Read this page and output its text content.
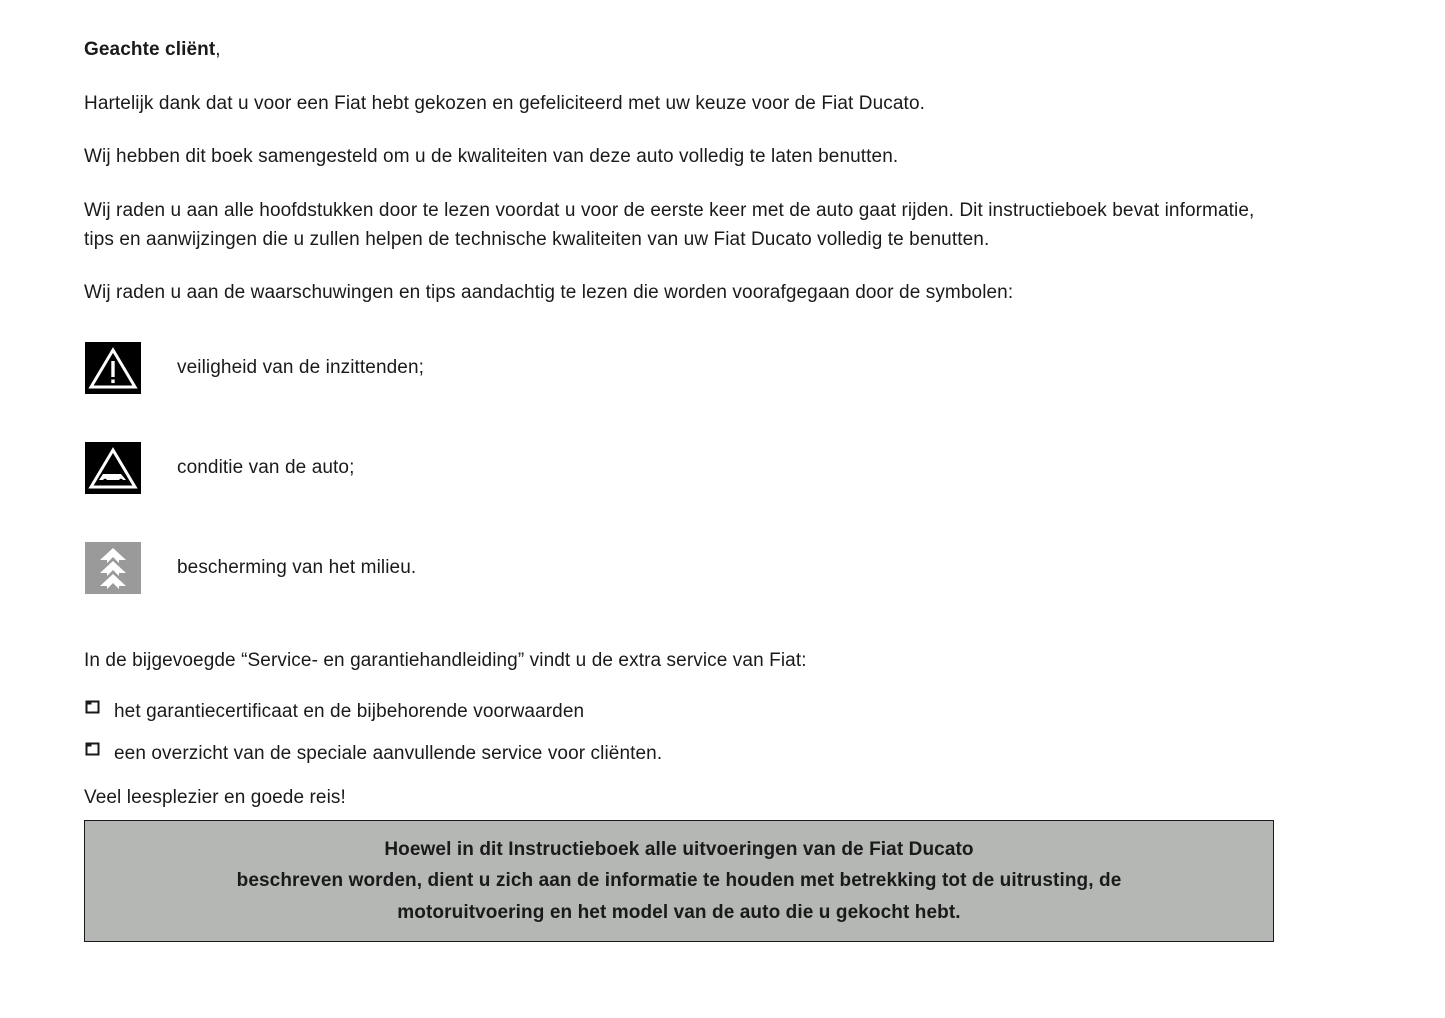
Geachte cliënt,

Hartelijk dank dat u voor een Fiat hebt gekozen en gefeliciteerd met uw keuze voor de Fiat Ducato.

Wij hebben dit boek samengesteld om u de kwaliteiten van deze auto volledig te laten benutten.

Wij raden u aan alle hoofdstukken door te lezen voordat u voor de eerste keer met de auto gaat rijden. Dit instructieboek bevat informatie, tips en aanwijzingen die u zullen helpen de technische kwaliteiten van uw Fiat Ducato volledig te benutten.

Wij raden u aan de waarschuwingen en tips aandachtig te lezen die worden voorafgegaan door de symbolen:

veiligheid van de inzittenden;
conditie van de auto;
bescherming van het milieu.

In de bijgevoegde “Service- en garantiehandleiding” vindt u de extra service van Fiat:

het garantiecertificaat en de bijbehorende voorwaarden
een overzicht van de speciale aanvullende service voor cliënten.

Veel leesplezier en goede reis!

Hoewel in dit Instructieboek alle uitvoeringen van de Fiat Ducato
beschreven worden, dient u zich aan de informatie te houden met betrekking tot de uitrusting, de
motoruitvoering en het model van de auto die u gekocht hebt.
